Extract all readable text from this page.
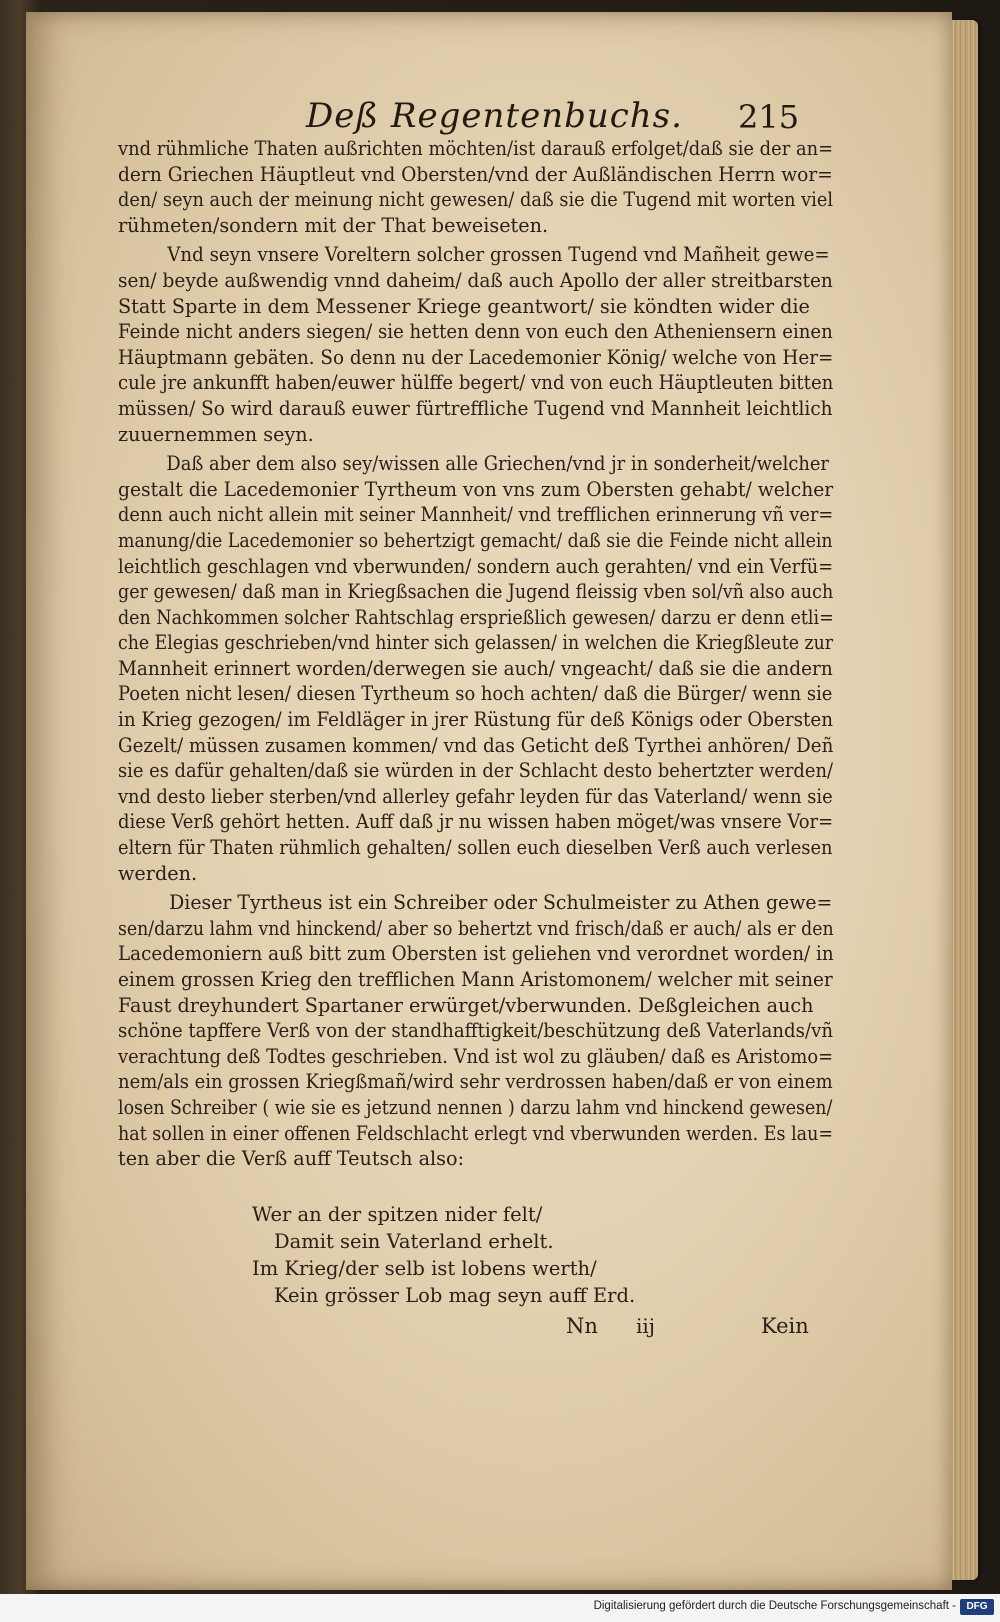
Deß Regentenbuchs. 215
vnd rühmliche Thaten außrichten möchten/ist darauß erfolget/daß sie der an=
dern Griechen Häuptleut vnd Obersten/vnd der Außländischen Herrn wor=
den/ seyn auch der meinung nicht gewesen/ daß sie die Tugend mit worten viel
rühmeten/sondern mit der That beweiseten.
Vnd seyn vnsere Voreltern solcher grossen Tugend vnd Mañheit gewe=
sen/ beyde außwendig vnnd daheim/ daß auch Apollo der aller streitbarsten
Statt Sparte in dem Messener Kriege geantwort/ sie köndten wider die
Feinde nicht anders siegen/ sie hetten denn von euch den Atheniensern einen
Häuptmann gebäten. So denn nu der Lacedemonier König/ welche von Her=
cule jre ankunfft haben/euwer hülffe begert/ vnd von euch Häuptleuten bitten
müssen/ So wird darauß euwer fürtreffliche Tugend vnd Mannheit leichtlich
zuuernemmen seyn.
Daß aber dem also sey/wissen alle Griechen/vnd jr in sonderheit/welcher
gestalt die Lacedemonier Tyrtheum von vns zum Obersten gehabt/ welcher
denn auch nicht allein mit seiner Mannheit/ vnd trefflichen erinnerung vñ ver=
manung/die Lacedemonier so behertzigt gemacht/ daß sie die Feinde nicht allein
leichtlich geschlagen vnd vberwunden/ sondern auch gerahten/ vnd ein Verfü=
ger gewesen/ daß man in Kriegßsachen die Jugend fleissig vben sol/vñ also auch
den Nachkommen solcher Rahtschlag ersprießlich gewesen/ darzu er denn etli=
che Elegias geschrieben/vnd hinter sich gelassen/ in welchen die Kriegßleute zur
Mannheit erinnert worden/derwegen sie auch/ vngeacht/ daß sie die andern
Poeten nicht lesen/ diesen Tyrtheum so hoch achten/ daß die Bürger/ wenn sie
in Krieg gezogen/ im Feldläger in jrer Rüstung für deß Königs oder Obersten
Gezelt/ müssen zusamen kommen/ vnd das Geticht deß Tyrthei anhören/ Deñ
sie es dafür gehalten/daß sie würden in der Schlacht desto behertzter werden/
vnd desto lieber sterben/vnd allerley gefahr leyden für das Vaterland/ wenn sie
diese Verß gehört hetten. Auff daß jr nu wissen haben möget/was vnsere Vor=
eltern für Thaten rühmlich gehalten/ sollen euch dieselben Verß auch verlesen
werden.
Dieser Tyrtheus ist ein Schreiber oder Schulmeister zu Athen gewe=
sen/darzu lahm vnd hinckend/ aber so behertzt vnd frisch/daß er auch/ als er den
Lacedemoniern auß bitt zum Obersten ist geliehen vnd verordnet worden/ in
einem grossen Krieg den trefflichen Mann Aristomonem/ welcher mit seiner
Faust dreyhundert Spartaner erwürget/vberwunden. Deßgleichen auch
schöne tapffere Verß von der standhafftigkeit/beschützung deß Vaterlands/vñ
verachtung deß Todtes geschrieben. Vnd ist wol zu gläuben/ daß es Aristomo=
nem/als ein grossen Kriegßmañ/wird sehr verdrossen haben/daß er von einem
losen Schreiber ( wie sie es jetzund nennen ) darzu lahm vnd hinckend gewesen/
hat sollen in einer offenen Feldschlacht erlegt vnd vberwunden werden. Es lau=
ten aber die Verß auff Teutsch also:
Wer an der spitzen nider felt/
Damit sein Vaterland erhelt.
Im Krieg/der selb ist lobens werth/
Kein grösser Lob mag seyn auff Erd.
Nn iij	Kein
Digitalisierung gefördert durch die Deutsche Forschungsgemeinschaft -	DFG
